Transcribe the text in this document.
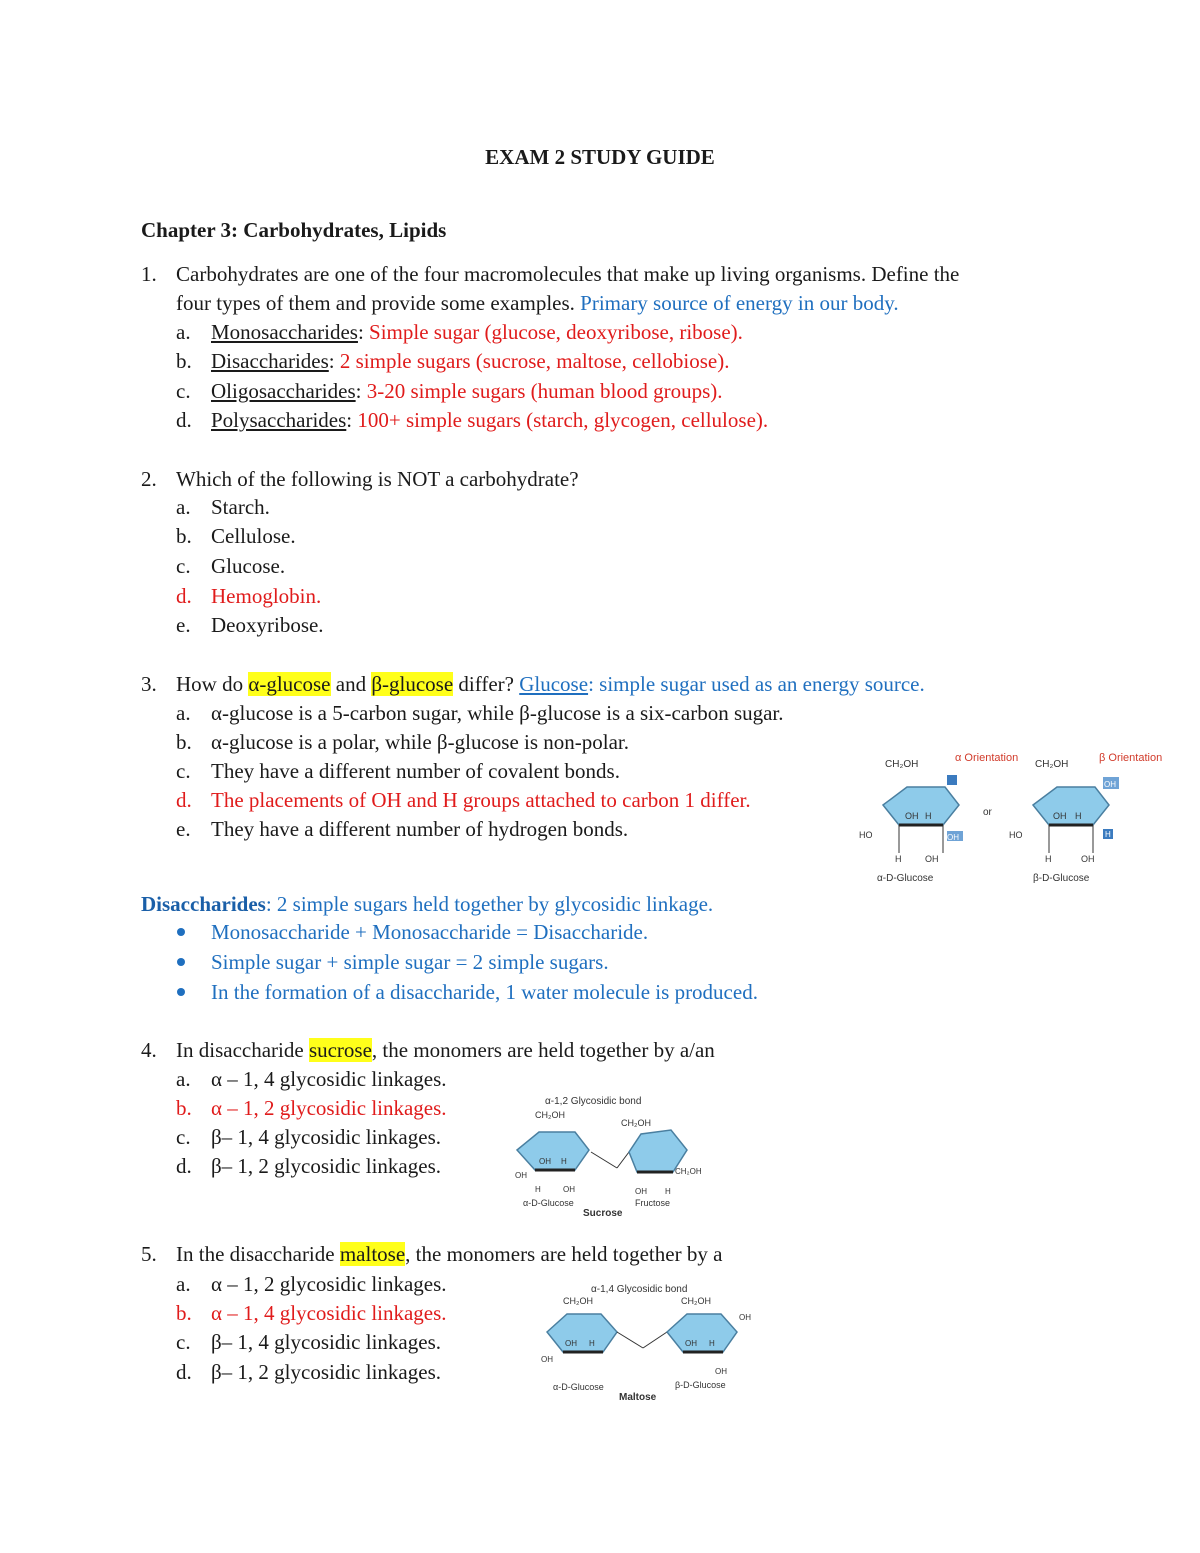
EXAM 2 STUDY GUIDE
Chapter 3: Carbohydrates, Lipids
1. Carbohydrates are one of the four macromolecules that make up living organisms. Define the
four types of them and provide some examples. Primary source of energy in our body.
a. Monosaccharides: Simple sugar (glucose, deoxyribose, ribose).
b. Disaccharides: 2 simple sugars (sucrose, maltose, cellobiose).
c. Oligosaccharides: 3-20 simple sugars (human blood groups).
d. Polysaccharides: 100+ simple sugars (starch, glycogen, cellulose).
2. Which of the following is NOT a carbohydrate?
a. Starch.
b. Cellulose.
c. Glucose.
d. Hemoglobin.
e. Deoxyribose.
3. How do α-glucose and β-glucose differ? Glucose: simple sugar used as an energy source.
a. α-glucose is a 5-carbon sugar, while β-glucose is a six-carbon sugar.
b. α-glucose is a polar, while β-glucose is non-polar.
c. They have a different number of covalent bonds.
d. The placements of OH and H groups attached to carbon 1 differ.
e. They have a different number of hydrogen bonds.
CH₂OH
α Orientation
OH
HO
OH H
OH
H
α-D-Glucose
or
CH₂OH
β Orientation
OH
H
HO
OH H
OH
H
β-D-Glucose
Disaccharides: 2 simple sugars held together by glycosidic linkage.
Monosaccharide + Monosaccharide = Disaccharide.
Simple sugar + simple sugar = 2 simple sugars.
In the formation of a disaccharide, 1 water molecule is produced.
4. In disaccharide sucrose, the monomers are held together by a/an
a. α – 1, 4 glycosidic linkages.
b. α – 1, 2 glycosidic linkages.
c. β– 1, 4 glycosidic linkages.
d. β– 1, 2 glycosidic linkages.
α-1,2 Glycosidic bond
CH₂OH
OH H
OH
H	OH
CH₂OH
CH₂OH
OH H
α-D-Glucose	Fructose
Sucrose
5. In the disaccharide maltose, the monomers are held together by a
a. α – 1, 2 glycosidic linkages.
b. α – 1, 4 glycosidic linkages.
c. β– 1, 4 glycosidic linkages.
d. β– 1, 2 glycosidic linkages.
α-1,4 Glycosidic bond
CH₂OH	CH₂OH
OH H
OH
OH H
OH
OH
α-D-Glucose	β-D-Glucose
Maltose
